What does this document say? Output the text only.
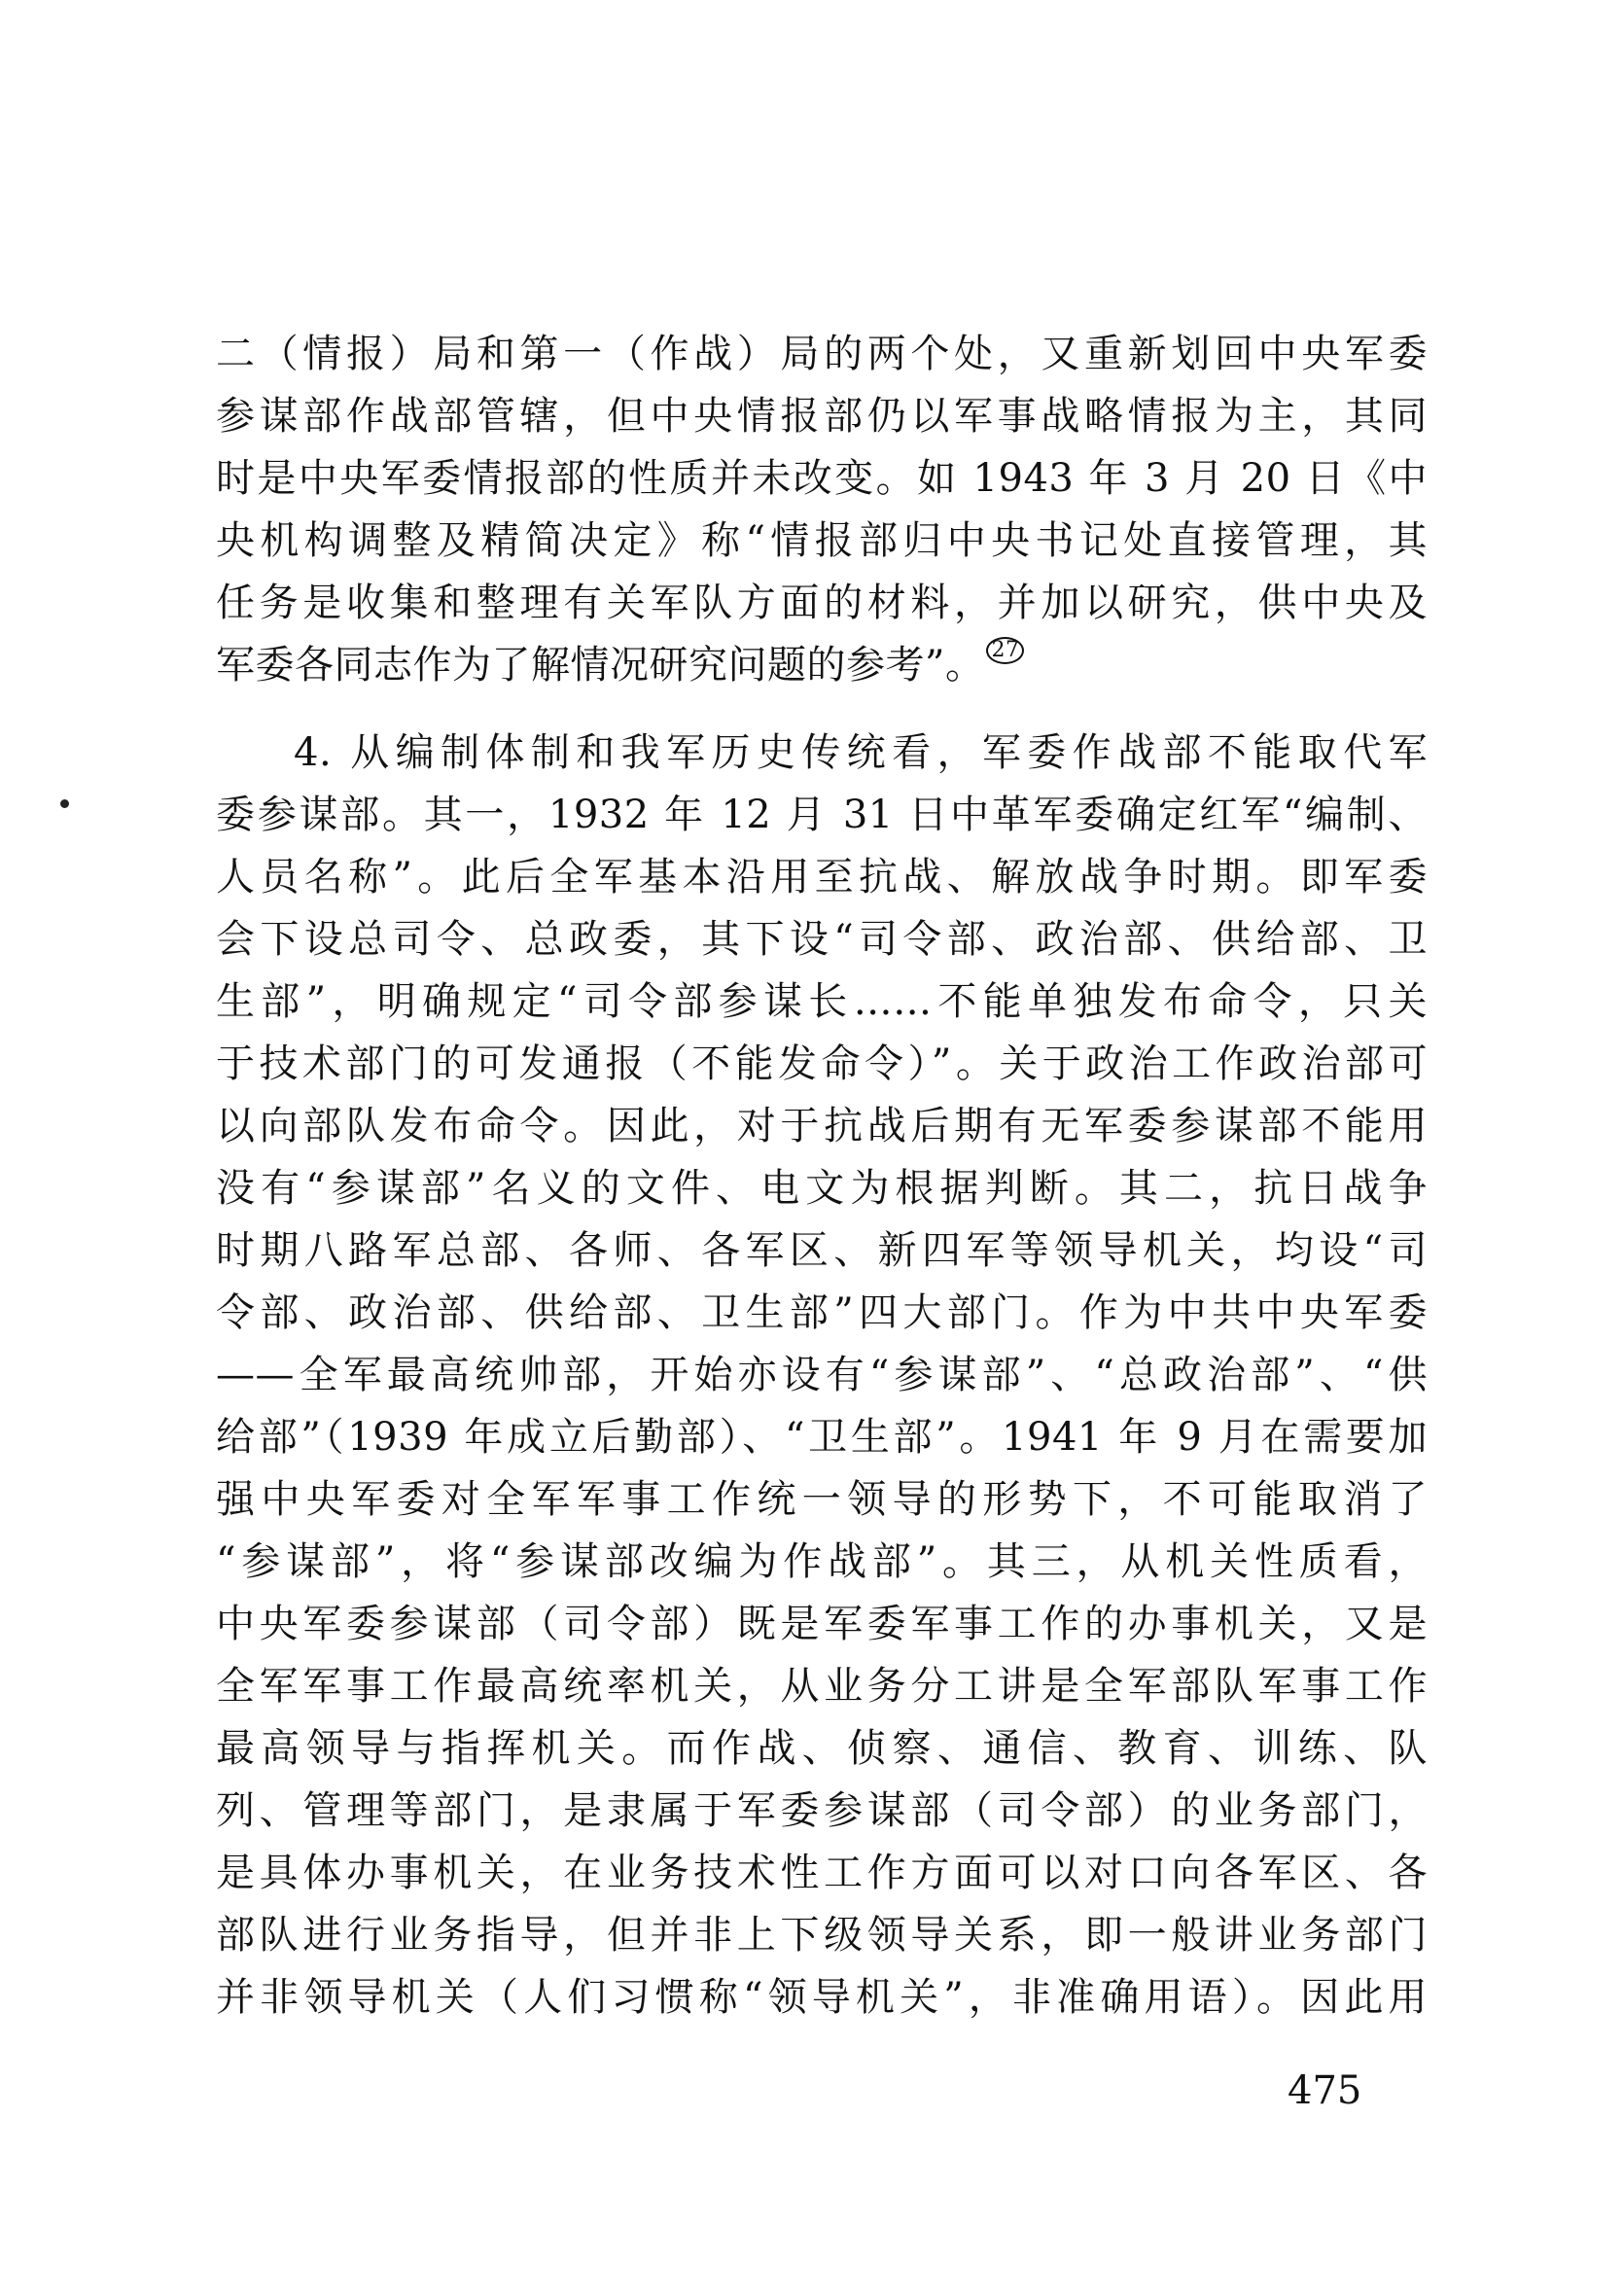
二（情报）局和第一（作战）局的两个处，又重新划回中央军委
参谋部作战部管辖，但中央情报部仍以军事战略情报为主，其同
时是中央军委情报部的性质并未改变。如 1943 年 3 月 20 日《中
央机构调整及精简决定》称“情报部归中央书记处直接管理，其
任务是收集和整理有关军队方面的材料，并加以研究，供中央及
军委各同志作为了解情况研究问题的参考”。 $^{27}$
4. 从编制体制和我军历史传统看，军委作战部不能取代军
委参谋部。其一，1932 年 12 月 31 日中革军委确定红军“编制、
人员名称”。此后全军基本沿用至抗战、解放战争时期。即军委
会下设总司令、总政委，其下设“司令部、政治部、供给部、卫
生部”，明确规定“司令部参谋长……不能单独发布命令，只关
于技术部门的可发通报（不能发命令）”。关于政治工作政治部可
以向部队发布命令。因此，对于抗战后期有无军委参谋部不能用
没有“参谋部”名义的文件、电文为根据判断。其二，抗日战争
时期八路军总部、各师、各军区、新四军等领导机关，均设“司
令部、政治部、供给部、卫生部”四大部门。作为中共中央军委
——全军最高统帅部，开始亦设有“参谋部”、“总政治部”、“供
给部”（1939 年成立后勤部）、“卫生部”。1941 年 9 月在需要加
强中央军委对全军军事工作统一领导的形势下，不可能取消了
“参谋部”，将“参谋部改编为作战部”。其三，从机关性质看，
中央军委参谋部（司令部）既是军委军事工作的办事机关，又是
全军军事工作最高统率机关，从业务分工讲是全军部队军事工作
最高领导与指挥机关。而作战、侦察、通信、教育、训练、队
列、管理等部门，是隶属于军委参谋部（司令部）的业务部门，
是具体办事机关，在业务技术性工作方面可以对口向各军区、各
部队进行业务指导，但并非上下级领导关系，即一般讲业务部门
并非领导机关（人们习惯称“领导机关”，非准确用语）。因此用
475
